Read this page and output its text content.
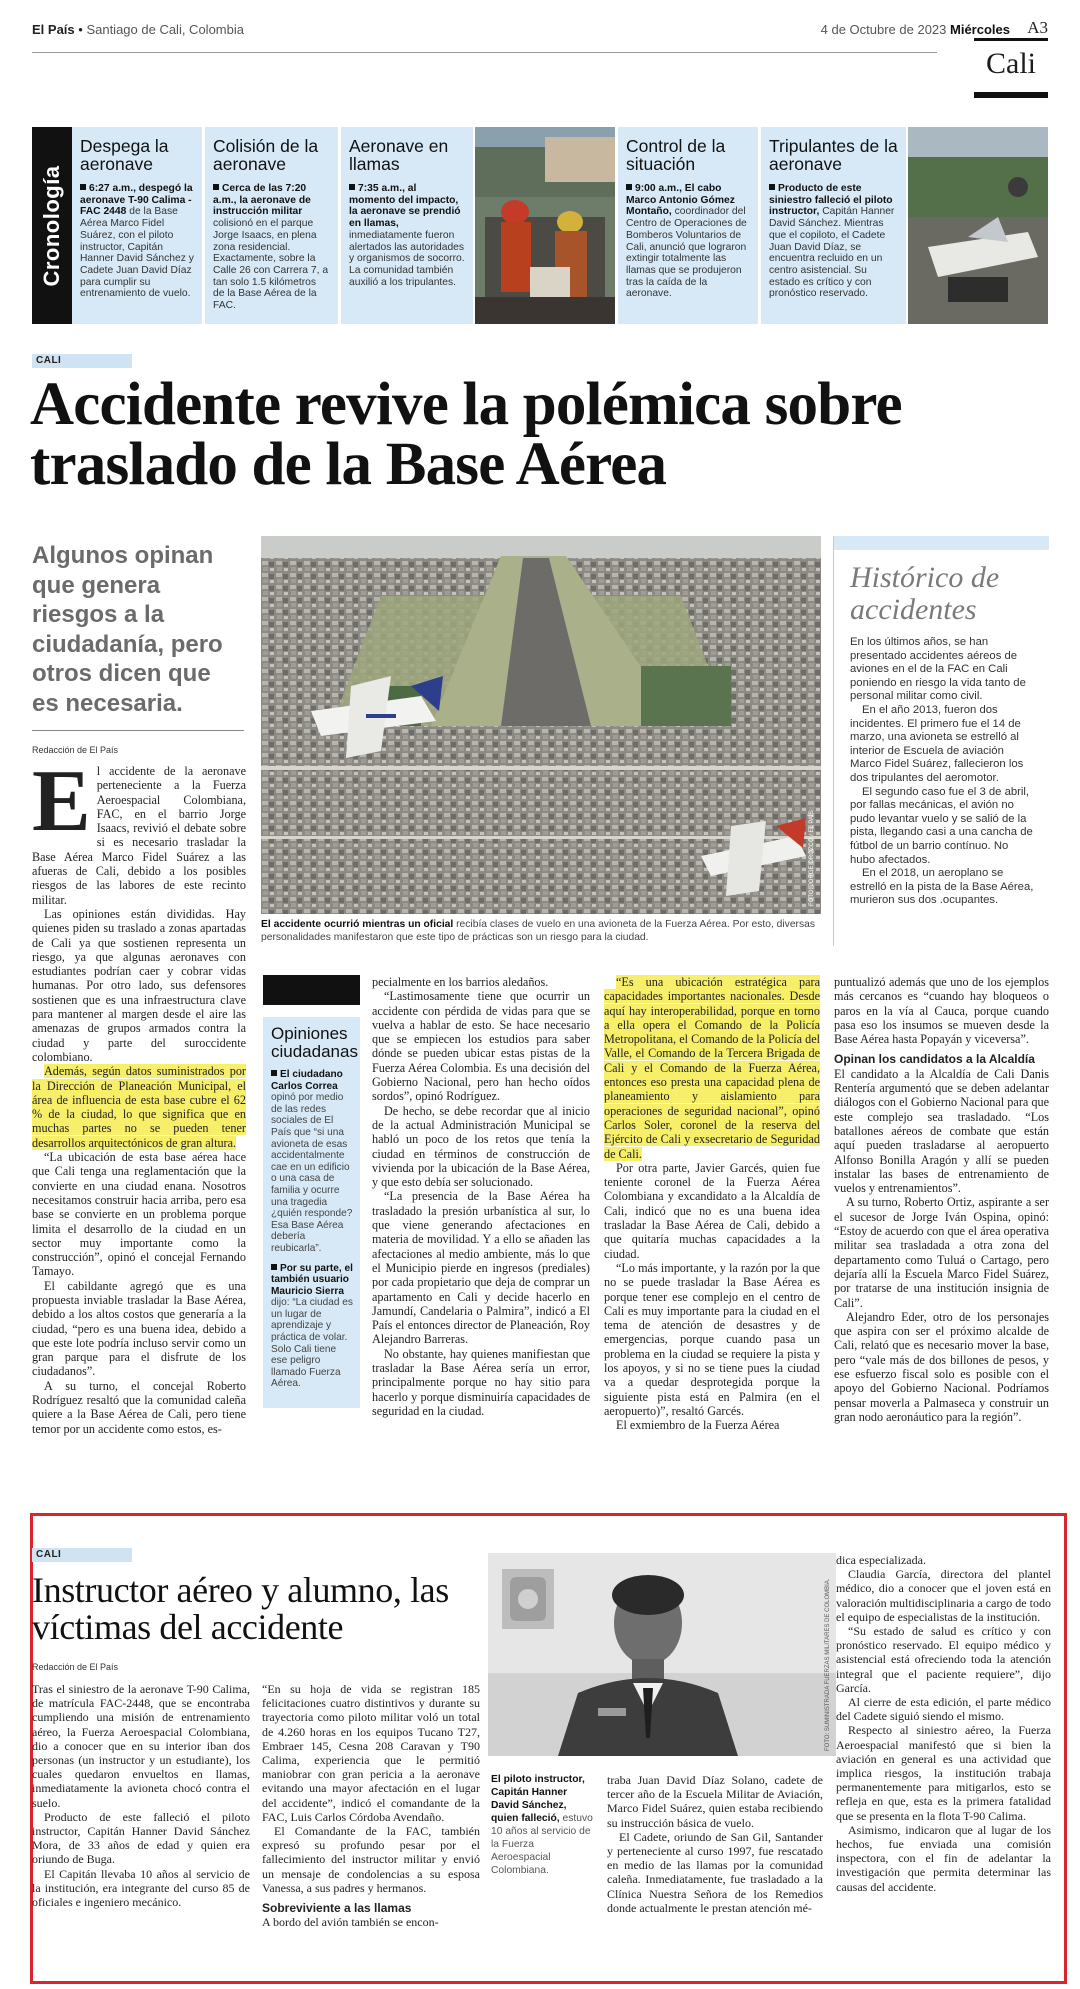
El País • Santiago de Cali, Colombia	4 de Octubre de 2023 Miércoles A3
Cali
Cronología
Despega la aeronave

6:27 a.m., despegó la aeronave T-90 Calima - FAC 2448 de la Base Aérea Marco Fidel Suárez, con el piloto instructor, Capitán Hanner David Sánchez y Cadete Juan David Díaz para cumplir su entrenamiento de vuelo.

Colisión de la aeronave

Cerca de las 7:20 a.m., la aeronave de instrucción militar colisionó en el parque Jorge Isaacs, en plena zona residencial. Exactamente, sobre la Calle 26 con Carrera 7, a tan solo 1.5 kilómetros de la Base Aérea de la FAC.

Aeronave en llamas

7:35 a.m., al momento del impacto, la aeronave se prendió en llamas, inmediatamente fueron alertados las autoridades y organismos de socorro. La comunidad también auxilió a los tripulantes.

Control de la situación

9:00 a.m., El cabo Marco Antonio Gómez Montaño, coordinador del Centro de Operaciones de Bomberos Voluntarios de Cali, anunció que lograron extingir totalmente las llamas que se produjeron tras la caída de la aeronave.

Tripulantes de la aeronave

Producto de este siniestro falleció el piloto instructor, Capitán Hanner David Sánchez. Mientras que el copiloto, el Cadete Juan David Díaz, se encuentra recluido en un centro asistencial. Su estado es crítico y con pronóstico reservado.

CALI
Accidente revive la polémica sobre traslado de la Base Aérea
Algunos opinan que genera riesgos a la ciudadanía, pero otros dicen que es necesaria.
Redacción de El País

El accidente de la aeronave perteneciente a la Fuerza Aeroespacial Colombiana, FAC, en el barrio Jorge Isaacs, revivió el debate sobre si es necesario trasladar la Base Aérea Marco Fidel Suárez a las afueras de Cali, debido a los posibles riesgos de las labores de este recinto militar.

Las opiniones están divididas. Hay quienes piden su traslado a zonas apartadas de Cali ya que sostienen representa un riesgo, ya que algunas aeronaves con estudiantes podrían caer y cobrar vidas humanas. Por otro lado, sus defensores sostienen que es una infraestructura clave para mantener al margen desde el aire las amenazas de grupos armados contra la ciudad y parte del suroccidente colombiano.

Además, según datos suministrados por la Dirección de Planeación Municipal, el área de influencia de esta base cubre el 62 % de la ciudad, lo que significa que en muchas partes no se pueden tener desarrollos arquitectónicos de gran altura.

“La ubicación de esta base aérea hace que Cali tenga una reglamentación que la convierte en una ciudad enana. Nosotros necesitamos construir hacia arriba, pero esa base se convierte en un problema porque limita el desarrollo de la ciudad en un sector muy importante como la construcción”, opinó el concejal Fernando Tamayo.

El cabildante agregó que es una propuesta inviable trasladar la Base Aérea, debido a los altos costos que generaría a la ciudad, “pero es una buena idea, debido a que este lote podría incluso servir como un gran parque para el disfrute de los ciudadanos”.

A su turno, el concejal Roberto Rodríguez resaltó que la comunidad caleña quiere a la Base Aérea de Cali, pero tiene temor por un accidente como estos, es-

FOTO: JORGE OROZCO / EL PAÍS
El accidente ocurrió mientras un oficial recibía clases de vuelo en una avioneta de la Fuerza Aérea. Por esto, diversas personalidades manifestaron que este tipo de prácticas son un riesgo para la ciudad.
Histórico de accidentes

En los últimos años, se han presentado accidentes aéreos de aviones en el de la FAC en Cali poniendo en riesgo la vida tanto de personal militar como civil.

En el año 2013, fueron dos incidentes. El primero fue el 14 de marzo, una avioneta se estrelló al interior de Escuela de aviación Marco Fidel Suárez, fallecieron los dos tripulantes del aeromotor.

El segundo caso fue el 3 de abril, por fallas mecánicas, el avión no pudo levantar vuelo y se salió de la pista, llegando casi a una cancha de fútbol de un barrio contínuo. No hubo afectados.

En el 2018, un aeroplano se estrelló en la pista de la Base Aérea, murieron sus dos .ocupantes.

Opiniones ciudadanas

El ciudadano Carlos Correa opinó por medio de las redes sociales de El País que “si una avioneta de esas accidentalmente cae en un edificio o una casa de familia y ocurre una tragedia ¿quién responde? Esa Base Aérea debería reubicarla”.

Por su parte, el también usuario Mauricio Sierra dijo: “La ciudad es un lugar de aprendizaje y práctica de volar. Solo Cali tiene ese peligro llamado Fuerza Aérea.

pecialmente en los barrios aledaños.

“Lastimosamente tiene que ocurrir un accidente con pérdida de vidas para que se vuelva a hablar de esto. Se hace necesario que se empiecen los estudios para saber dónde se pueden ubicar estas pistas de la Fuerza Aérea Colombia. Es una decisión del Gobierno Nacional, pero han hecho oídos sordos”, opinó Rodríguez.

De hecho, se debe recordar que al inicio de la actual Administración Municipal se habló un poco de los retos que tenía la ciudad en términos de construcción de vivienda por la ubicación de la Base Aérea, y que esto debía ser solucionado.

“La presencia de la Base Aérea ha trasladado la presión urbanística al sur, lo que viene generando afectaciones en materia de movilidad. Y a ello se añaden las afectaciones al medio ambiente, más lo que el Municipio pierde en ingresos (prediales) por cada propietario que deja de comprar un apartamento en Cali y decide hacerlo en Jamundí, Candelaria o Palmira”, indicó a El País el entonces director de Planeación, Roy Alejandro Barreras.

No obstante, hay quienes manifiestan que trasladar la Base Aérea sería un error, principalmente porque no hay sitio para hacerlo y porque disminuiría capacidades de seguridad en la ciudad.

“Es una ubicación estratégica para capacidades importantes nacionales. Desde aquí hay interoperabilidad, porque en torno a ella opera el Comando de la Policía Metropolitana, el Comando de la Policía del Valle, el Comando de la Tercera Brigada de Cali y el Comando de la Fuerza Aérea, entonces eso presta una capacidad plena de planeamiento y aislamiento para operaciones de seguridad nacional”, opinó Carlos Soler, coronel de la reserva del Ejército de Cali y exsecretario de Seguridad de Cali.

Por otra parte, Javier Garcés, quien fue teniente coronel de la Fuerza Aérea Colombiana y excandidato a la Alcaldía de Cali, indicó que no es una buena idea trasladar la Base Aérea de Cali, debido a que quitaría muchas capacidades a la ciudad.

“Lo más importante, y la razón por la que no se puede trasladar la Base Aérea es porque tener ese complejo en el centro de Cali es muy importante para la ciudad en el tema de atención de desastres y de emergencias, porque cuando pasa un problema en la ciudad se requiere la pista y los apoyos, y si no se tiene pues la ciudad va a quedar desprotegida porque la siguiente pista está en Palmira (en el aeropuerto)”, resaltó Garcés.

El exmiembro de la Fuerza Aérea

puntualizó además que uno de los ejemplos más cercanos es “cuando hay bloqueos o paros en la vía al Cauca, porque cuando pasa eso los insumos se mueven desde la Base Aérea hasta Popayán y viceversa”.

Opinan los candidatos a la Alcaldía

El candidato a la Alcaldía de Cali Danis Rentería argumentó que se deben adelantar diálogos con el Gobierno Nacional para que este complejo sea trasladado. “Los batallones aéreos de combate que están aquí pueden trasladarse al aeropuerto Alfonso Bonilla Aragón y allí se pueden instalar las bases de entrenamiento de vuelos y entrenamientos”.

A su turno, Roberto Ortiz, aspirante a ser el sucesor de Jorge Iván Ospina, opinó: “Estoy de acuerdo con que el área operativa militar sea trasladada a otra zona del departamento como Tuluá o Cartago, pero dejaría allí la Escuela Marco Fidel Suárez, por tratarse de una institución insignia de Cali”.

Alejandro Eder, otro de los personajes que aspira con ser el próximo alcalde de Cali, relató que es necesario mover la base, pero “vale más de dos billones de pesos, y ese esfuerzo fiscal solo es posible con el apoyo del Gobierno Nacional. Podríamos pensar moverla a Palmaseca y construir un gran nodo aeronáutico para la región”.

CALI
Instructor aéreo y alumno, las víctimas del accidente
Redacción de El País

Tras el siniestro de la aeronave T-90 Calima, de matrícula FAC-2448, que se encontraba cumpliendo una misión de entrenamiento aéreo, la Fuerza Aeroespacial Colombiana, dio a conocer que en su interior iban dos personas (un instructor y un estudiante), los cuales quedaron envueltos en llamas, inmediatamente la avioneta chocó contra el suelo.

Producto de este falleció el piloto instructor, Capitán Hanner David Sánchez Mora, de 33 años de edad y quien era oriundo de Buga.

El Capitán llevaba 10 años al servicio de la institución, era integrante del curso 85 de oficiales e ingeniero mecánico.

“En su hoja de vida se registran 185 felicitaciones cuatro distintivos y durante su trayectoria como piloto militar voló un total de 4.260 horas en los equipos Tucano T27, Embraer 145, Cesna 208 Caravan y T90 Calima, experiencia que le permitió maniobrar con gran pericia a la aeronave evitando una mayor afectación en el lugar del accidente”, indicó el comandante de la FAC, Luis Carlos Córdoba Avendaño.

El Comandante de la FAC, también expresó su profundo pesar por el fallecimiento del instructor militar y envió un mensaje de condolencias a su esposa Vanessa, a sus padres y hermanos.

Sobreviviente a las llamas

A bordo del avión también se encon-

FOTO: SUMINISTRADA FUERZAS MILITARES DE COLOMBIA.
El piloto instructor, Capitán Hanner David Sánchez, quien falleció, estuvo 10 años al servicio de la Fuerza Aeroespacial Colombiana.

traba Juan David Díaz Solano, cadete de tercer año de la Escuela Militar de Aviación, Marco Fidel Suárez, quien estaba recibiendo su instrucción básica de vuelo.

El Cadete, oriundo de San Gil, Santander y perteneciente al curso 1997, fue rescatado en medio de las llamas por la comunidad caleña. Inmediatamente, fue trasladado a la Clínica Nuestra Señora de los Remedios donde actualmente le prestan atención mé-

dica especializada.

Claudia García, directora del plantel médico, dio a conocer que el joven está en valoración multidisciplinaria a cargo de todo el equipo de especialistas de la institución.

“Su estado de salud es crítico y con pronóstico reservado. El equipo médico y asistencial está ofreciendo toda la atención integral que el paciente requiere”, dijo García.

Al cierre de esta edición, el parte médico del Cadete siguió siendo el mismo.

Respecto al siniestro aéreo, la Fuerza Aeroespacial manifestó que si bien la aviación en general es una actividad que implica riesgos, la institución trabaja permanentemente para mitigarlos, esto se refleja en que, esta es la primera fatalidad que se presenta en la flota T-90 Calima.

Asimismo, indicaron que al lugar de los hechos, fue enviada una comisión inspectora, con el fin de adelantar la investigación que permita determinar las causas del accidente.
